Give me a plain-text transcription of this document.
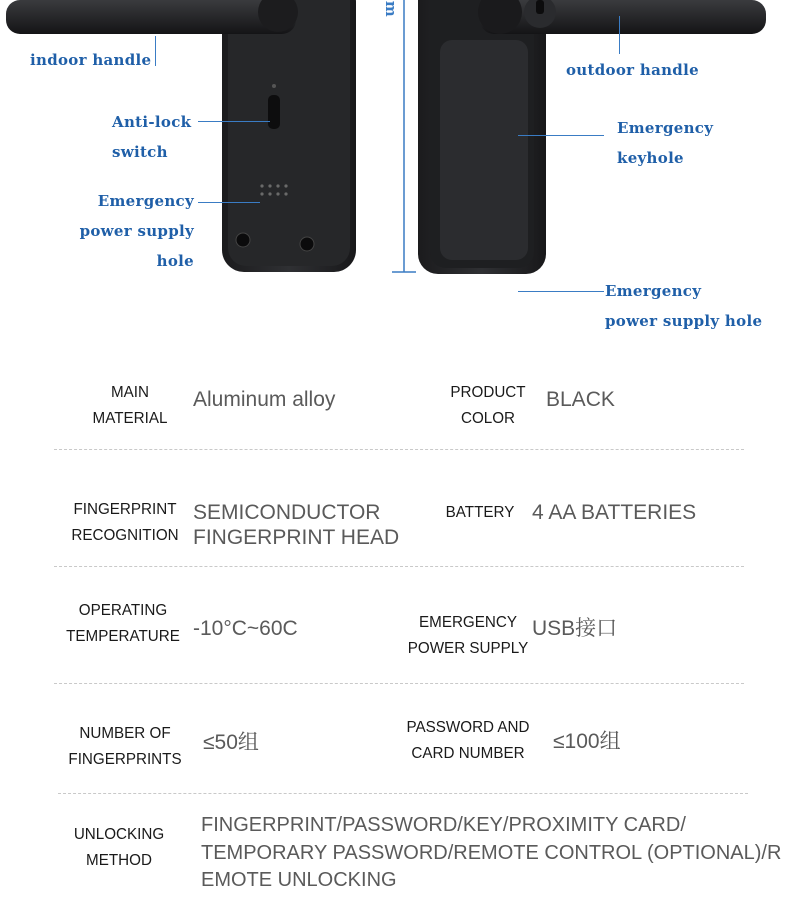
m
indoor handle
outdoor handle
Anti-lock
switch
Emergency
keyhole
Emergency
power supply hole
Emergency
power supply hole
MAIN
MATERIAL
Aluminum alloy	PRODUCT
COLOR
BLACK
FINGERPRINT
RECOGNITION
SEMICONDUCTOR
FINGERPRINT HEAD
BATTERY 4 AA BATTERIES
OPERATING
TEMPERATURE -10°C~60C	EMERGENCY
POWER SUPPLY
USB接口
NUMBER OF
FINGERPRINTS
≤50组
PASSWORD AND
CARD NUMBER
≤100组
UNLOCKING
METHOD
FINGERPRINT/PASSWORD/KEY/PROXIMITY CARD/
TEMPORARY PASSWORD/REMOTE CONTROL (OPTIONAL)/R
EMOTE UNLOCKING
